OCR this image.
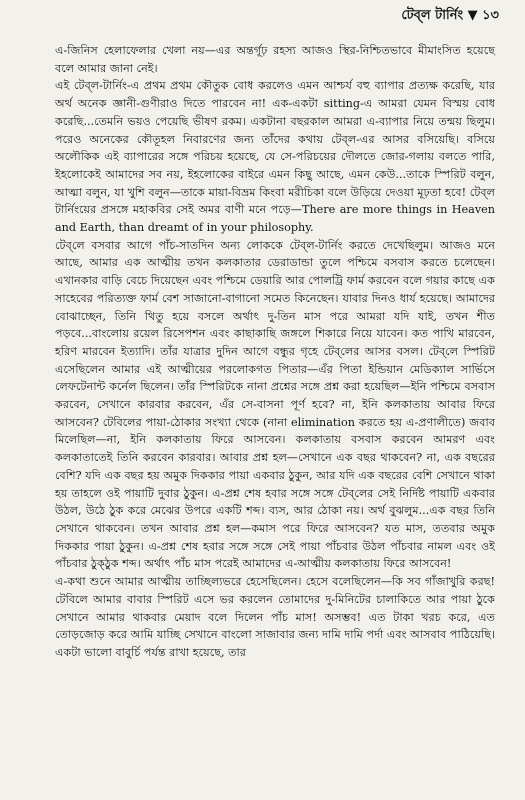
টেব্‌ল টার্নিং ▼ ১৩

এ-জিনিস হেলাফেলার খেলা নয়—এর অন্তর্গূঢ় রহস্য আজও স্থির-নিশ্চিতভাবে মীমাংসিত হয়েছে বলে আমার জানা নেই।

এই টেব্‌ল-টার্নিং-এ প্রথম প্রথম কৌতুক বোধ করলেও এমন আশ্চর্য বহু ব্যাপার প্রত্যক্ষ করেছি, যার অর্থ অনেক জ্ঞানী-গুণীরাও দিতে পারবেন না! এক-একটা sitting-এ আমরা যেমন বিস্ময় বোধ করেছি...তেমনি ভয়ও পেয়েছি ভীষণ রকম। একটানা বছরকাল আমরা এ-ব্যাপার নিয়ে তন্ময় ছিলুম। পরেও অনেকের কৌতূহল নিবারণের জন্য তাঁদের কথায় টেব্‌ল-এর আসর বসিয়েছি। বসিয়ে অলৌকিক এই ব্যাপারের সঙ্গে পরিচয় হয়েছে, যে সে-পরিচয়ের দৌলতে জোর-গলায় বলতে পারি, ইহলোকেই আমাদের সব নয়, ইহলোকের বাইরে এমন কিছু আছে, এমন কেউ...তাকে স্পিরিট বলুন, আত্মা বলুন, যা খুশি বলুন—তাকে মায়া-বিভ্রম কিংবা মরীচিকা বলে উড়িয়ে দেওয়া মূঢ়তা হবে! টেব্‌ল টার্নিংয়ের প্রসঙ্গে মহাকবির সেই অমর বাণী মনে পড়ে—There are more things in Heaven and Earth, than dreamt of in your philosophy.

টেব্‌লে বসবার আগে পাঁচ-সাতদিন অন্য লোককে টেব্‌ল-টার্নিং করতে দেখেছিলুম। আজও মনে আছে, আমার এক আত্মীয় তখন কলকাতার ডেরাডান্ডা তুলে পশ্চিমে বসবাস করতে চলেছেন। এখানকার বাড়ি বেচে দিয়েছেন এবং পশ্চিমে ডেয়ারি আর পোলট্রি ফার্ম করবেন বলে গয়ার কাছে এক সাহেবের পরিত্যক্ত ফার্ম বেশ সাজানো-বাগানো সমেত কিনেছেন। যাবার দিনও ধার্য হয়েছে। আমাদের বোঝাচ্ছেন, তিনি থিতু হয়ে বসলে অর্থাৎ দু-তিন মাস পরে আমরা যদি যাই, তখন শীত পড়বে...বাংলোয় রয়েল রিসেপশন এবং কাছাকাছি জঙ্গলে শিকারে নিয়ে যাবেন। কত পাখি মারবেন, হরিণ মারবেন ইত্যাদি। তাঁর যাত্রার দুদিন আগে বন্ধুর গৃহে টেব্‌লের আসর বসল। টেব্‌লে স্পিরিট এসেছিলেন আমার এই আত্মীয়ের পরলোকগত পিতার—এঁর পিতা ইন্ডিয়ান মেডিক্যাল সার্ভিসে লেফটেনান্ট কর্নেল ছিলেন। তাঁর স্পিরিটকে নানা প্রশ্নের সঙ্গে প্রশ্ন করা হয়েছিল—ইনি পশ্চিমে বসবাস করবেন, সেখানে কারবার করবেন, এঁর সে-বাসনা পূর্ণ হবে? না, ইনি কলকাতায় আবার ফিরে আসবেন? টেবিলের পায়া-ঠোকার সংখ্যা থেকে (নানা elimination করতে হয় এ-প্রণালীতে) জবাব মিলেছিল—না, ইনি কলকাতায় ফিরে আসবেন। কলকাতায় বসবাস করবেন আমরণ এবং কলকাতাতেই তিনি করবেন কারবার। আবার প্রশ্ন হল—সেখানে এক বছর থাকবেন? না, এক বছরের বেশি? যদি এক বছর হয় অমুক দিককার পায়া একবার ঠুকুন, আর যদি এক বছরের বেশি সেখানে থাকা হয় তাহলে ওই পায়াটি দুবার ঠুকুন। এ-প্রশ্ন শেষ হবার সঙ্গে সঙ্গে টেব্‌লের সেই নির্দিষ্ট পায়াটি একবার উঠল, উঠে ঠুক করে মেঝের উপরে একটি শব্দ। ব্যস, আর ঠোকা নয়। অর্থ বুঝলুম...এক বছর তিনি সেখানে থাকবেন। তখন আবার প্রশ্ন হল—কমাস পরে ফিরে আসবেন? যত মাস, ততবার অমুক দিককার পায়া ঠুকুন। এ-প্রশ্ন শেষ হবার সঙ্গে সঙ্গে সেই পায়া পাঁচবার উঠল পাঁচবার নামল এবং ওই পাঁচবার ঠুক্‌ঠুক শব্দ। অর্থাৎ পাঁচ মাস পরেই আমাদের এ-আত্মীয় কলকাতায় ফিরে আসবেন!

এ-কথা শুনে আমার আত্মীয় তাচ্ছিল্যভরে হেসেছিলেন। হেসে বলেছিলেন—কি সব গাঁজাখুরি করছ! টেবিলে আমার বাবার স্পিরিট এসে ভর করলেন তোমাদের দু-মিনিটের চালাকিতে আর পায়া ঠুকে সেখানে আমার থাকবার মেয়াদ বলে দিলেন পাঁচ মাস! অসম্ভব! এত টাকা খরচ করে, এত তোড়জোড় করে আমি যাচ্ছি সেখানে বাংলো সাজাবার জন্য দামি দামি পর্দা এবং আসবাব পাঠিয়েছি। একটা ভালো বাবুর্চি পর্যন্ত রাখা হয়েছে, তার
